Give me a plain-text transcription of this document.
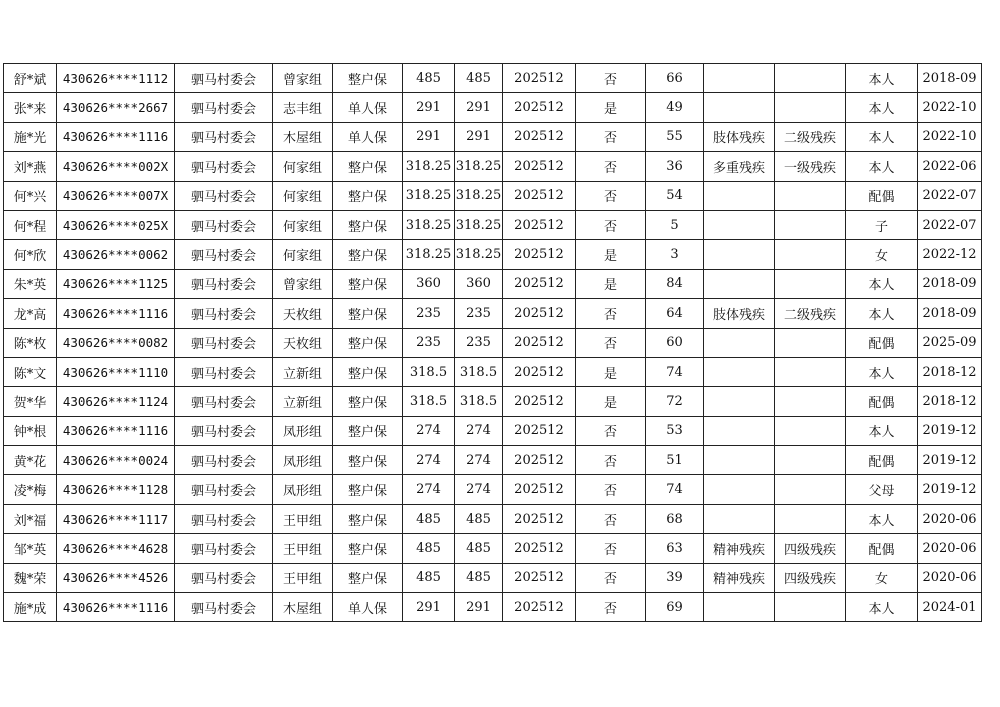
舒*斌	430626****1112	驷马村委会	曾家组	整户保	485	485	202512	否	66			本人	2018-09
张*来	430626****2667	驷马村委会	志丰组	单人保	291	291	202512	是	49			本人	2022-10
施*光	430626****1116	驷马村委会	木屋组	单人保	291	291	202512	否	55	肢体残疾	二级残疾	本人	2022-10
刘*燕	430626****002X	驷马村委会	何家组	整户保	318.25	318.25	202512	否	36	多重残疾	一级残疾	本人	2022-06
何*兴	430626****007X	驷马村委会	何家组	整户保	318.25	318.25	202512	否	54			配偶	2022-07
何*程	430626****025X	驷马村委会	何家组	整户保	318.25	318.25	202512	否	5			子	2022-07
何*欣	430626****0062	驷马村委会	何家组	整户保	318.25	318.25	202512	是	3			女	2022-12
朱*英	430626****1125	驷马村委会	曾家组	整户保	360	360	202512	是	84			本人	2018-09
龙*高	430626****1116	驷马村委会	天枚组	整户保	235	235	202512	否	64	肢体残疾	二级残疾	本人	2018-09
陈*枚	430626****0082	驷马村委会	天枚组	整户保	235	235	202512	否	60			配偶	2025-09
陈*文	430626****1110	驷马村委会	立新组	整户保	318.5	318.5	202512	是	74			本人	2018-12
贺*华	430626****1124	驷马村委会	立新组	整户保	318.5	318.5	202512	是	72			配偶	2018-12
钟*根	430626****1116	驷马村委会	凤形组	整户保	274	274	202512	否	53			本人	2019-12
黄*花	430626****0024	驷马村委会	凤形组	整户保	274	274	202512	否	51			配偶	2019-12
凌*梅	430626****1128	驷马村委会	凤形组	整户保	274	274	202512	否	74			父母	2019-12
刘*福	430626****1117	驷马村委会	王甲组	整户保	485	485	202512	否	68			本人	2020-06
邹*英	430626****4628	驷马村委会	王甲组	整户保	485	485	202512	否	63	精神残疾	四级残疾	配偶	2020-06
魏*荣	430626****4526	驷马村委会	王甲组	整户保	485	485	202512	否	39	精神残疾	四级残疾	女	2020-06
施*成	430626****1116	驷马村委会	木屋组	单人保	291	291	202512	否	69			本人	2024-01
